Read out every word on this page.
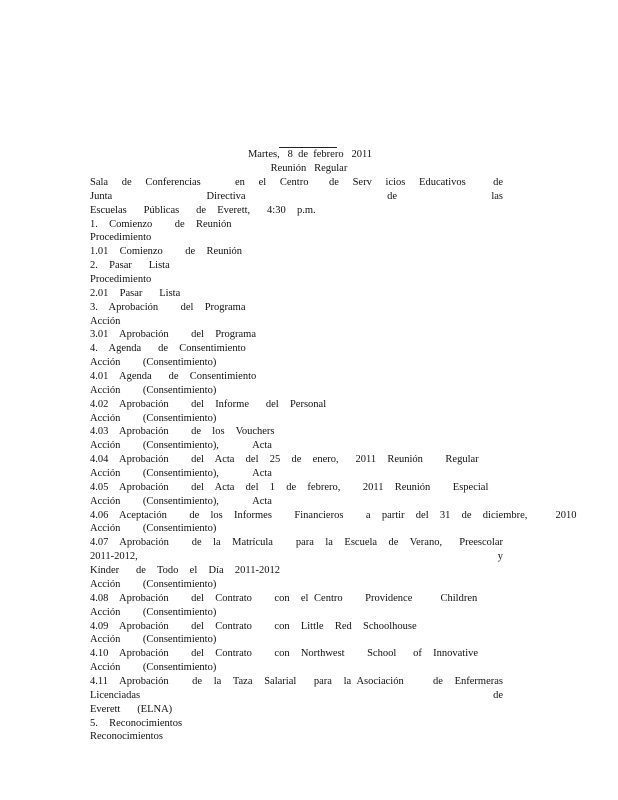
Martes,   8  de  febrero   2011
Reunión   Regular
Sala  de  Conferencias     en  el  Centro   de  Serv  icios  Educativos    de  Junta  Directiva   de  las
Escuelas   Públicas   de  Everett,   4:30  p.m.
1.  Comienzo    de  Reunión
Procedimiento
1.01  Comienzo    de  Reunión
2.  Pasar   Lista
Procedimiento
2.01  Pasar   Lista
3.  Aprobación    del  Programa
Acción
3.01  Aprobación    del  Programa
4.  Agenda   de  Consentimiento
Acción    (Consentimiento)
4.01  Agenda   de  Consentimiento
Acción    (Consentimiento)
4.02  Aprobación    del  Informe   del  Personal
Acción    (Consentimiento)
4.03  Aprobación    de  los  Vouchers
Acción    (Consentimiento),      Acta
4.04  Aprobación    del  Acta  del  25  de  enero,   2011  Reunión    Regular
Acción    (Consentimiento),      Acta
4.05  Aprobación    del  Acta  del  1  de  febrero,    2011  Reunión    Especial
Acción    (Consentimiento),      Acta
4.06  Aceptación    de  los  Informes    Financieros    a  partir  del  31  de  diciembre,     2010
Acción    (Consentimiento)
4.07  Aprobación    de  la  Matrícula    para  la  Escuela  de  Verano,   Preescolar    2011-2012,    y
Kínder   de  Todo  el  Día  2011-2012
Acción    (Consentimiento)
4.08  Aprobación    del  Contrato    con  el Centro    Providence     Children
Acción    (Consentimiento)
4.09  Aprobación    del  Contrato    con  Little  Red  Schoolhouse
Acción    (Consentimiento)
4.10  Aprobación    del  Contrato    con  Northwest    School   of  Innovative
Acción    (Consentimiento)
4.11  Aprobación    de  la  Taza  Salarial   para  la Asociación     de  Enfermeras    Licenciadas     de
Everett   (ELNA)
5.  Reconocimientos
Reconocimientos
